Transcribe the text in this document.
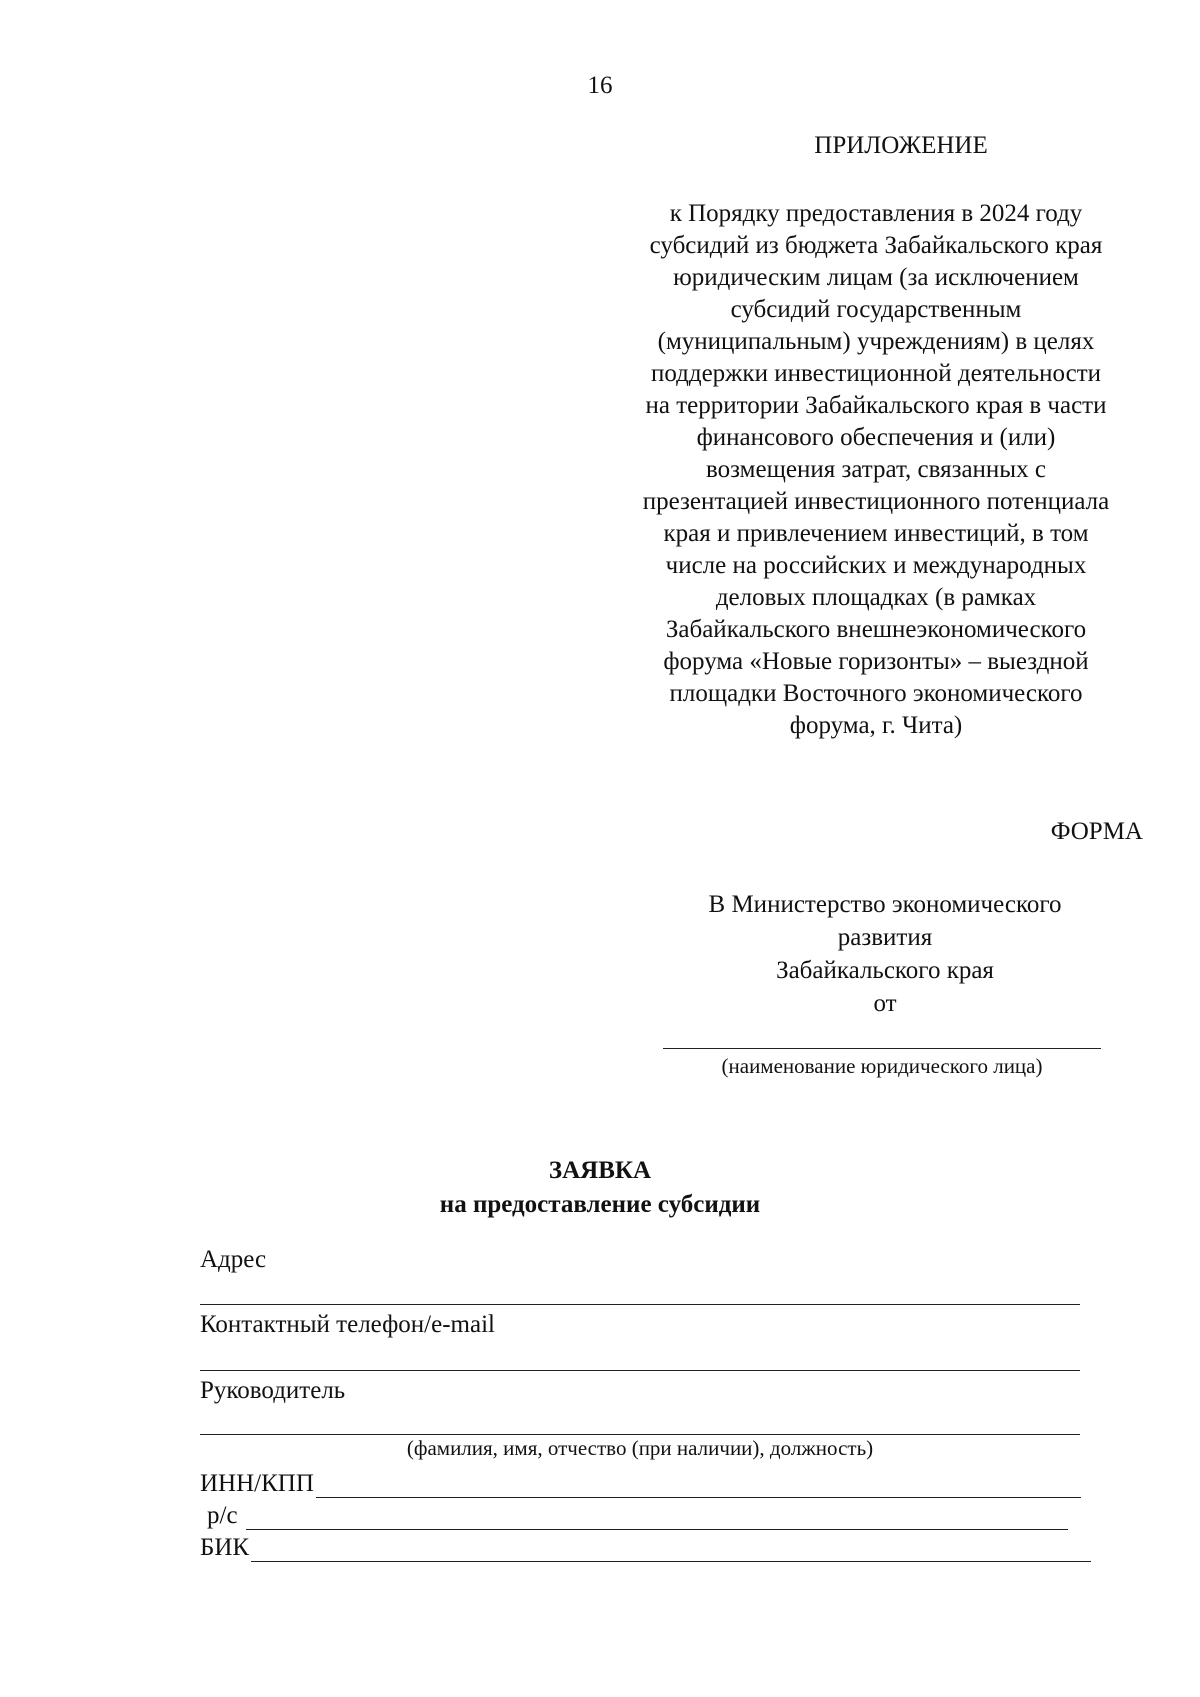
16
ПРИЛОЖЕНИЕ
к Порядку предоставления в 2024 году
субсидий из бюджета Забайкальского края
юридическим лицам (за исключением
субсидий государственным
(муниципальным) учреждениям) в целях
поддержки инвестиционной деятельности
на территории Забайкальского края в части
финансового обеспечения и (или)
возмещения затрат, связанных с
презентацией инвестиционного потенциала
края и привлечением инвестиций, в том
числе на российских и международных
деловых площадках (в рамках
Забайкальского внешнеэкономического
форума «Новые горизонты» – выездной
площадки Восточного экономического
форума, г. Чита)
ФОРМА
В Министерство экономического
развития
Забайкальского края
от
(наименование юридического лица)
ЗАЯВКА
на предоставление субсидии
Адрес
Контактный телефон/e-mail
Руководитель
(фамилия, имя, отчество (при наличии), должность)
ИНН/КПП
р/с
БИК
